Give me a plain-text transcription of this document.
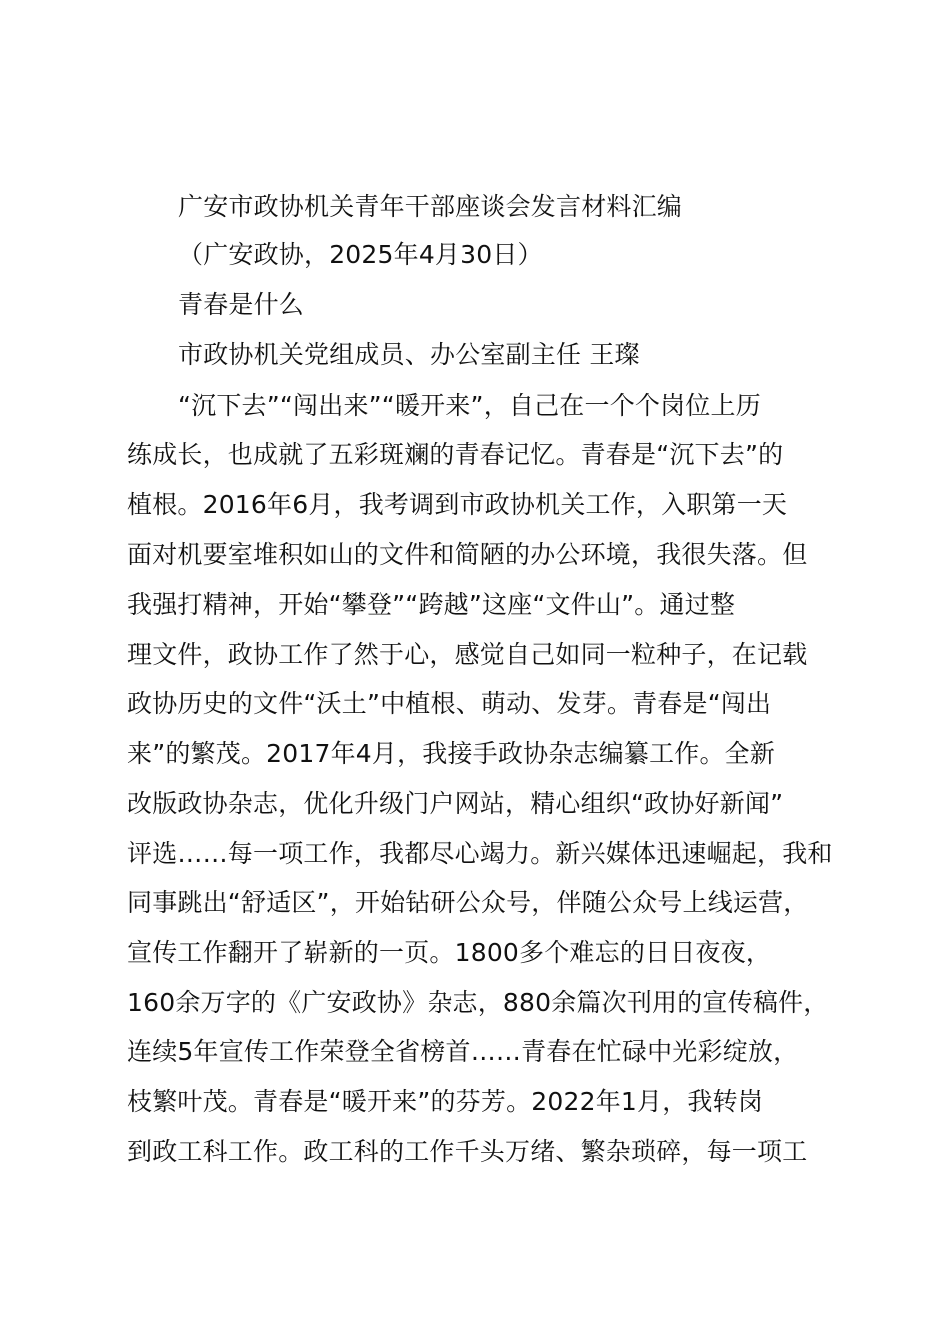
广安市政协机关青年干部座谈会发言材料汇编
（广安政协，2025年4月30日）
青春是什么
市政协机关党组成员、办公室副主任 王璨
“沉下去”“闯出来”“暖开来”，自己在一个个岗位上历
练成长，也成就了五彩斑斓的青春记忆。青春是“沉下去”的
植根。2016年6月，我考调到市政协机关工作，入职第一天
面对机要室堆积如山的文件和简陋的办公环境，我很失落。但
我强打精神，开始“攀登”“跨越”这座“文件山”。通过整
理文件，政协工作了然于心，感觉自己如同一粒种子，在记载
政协历史的文件“沃土”中植根、萌动、发芽。青春是“闯出
来”的繁茂。2017年4月，我接手政协杂志编纂工作。全新
改版政协杂志，优化升级门户网站，精心组织“政协好新闻”
评选……每一项工作，我都尽心竭力。新兴媒体迅速崛起，我和
同事跳出“舒适区”，开始钻研公众号，伴随公众号上线运营，
宣传工作翻开了崭新的一页。1800多个难忘的日日夜夜，
160余万字的《广安政协》杂志，880余篇次刊用的宣传稿件，
连续5年宣传工作荣登全省榜首……青春在忙碌中光彩绽放，
枝繁叶茂。青春是“暖开来”的芬芳。2022年1月，我转岗
到政工科工作。政工科的工作千头万绪、繁杂琐碎，每一项工
